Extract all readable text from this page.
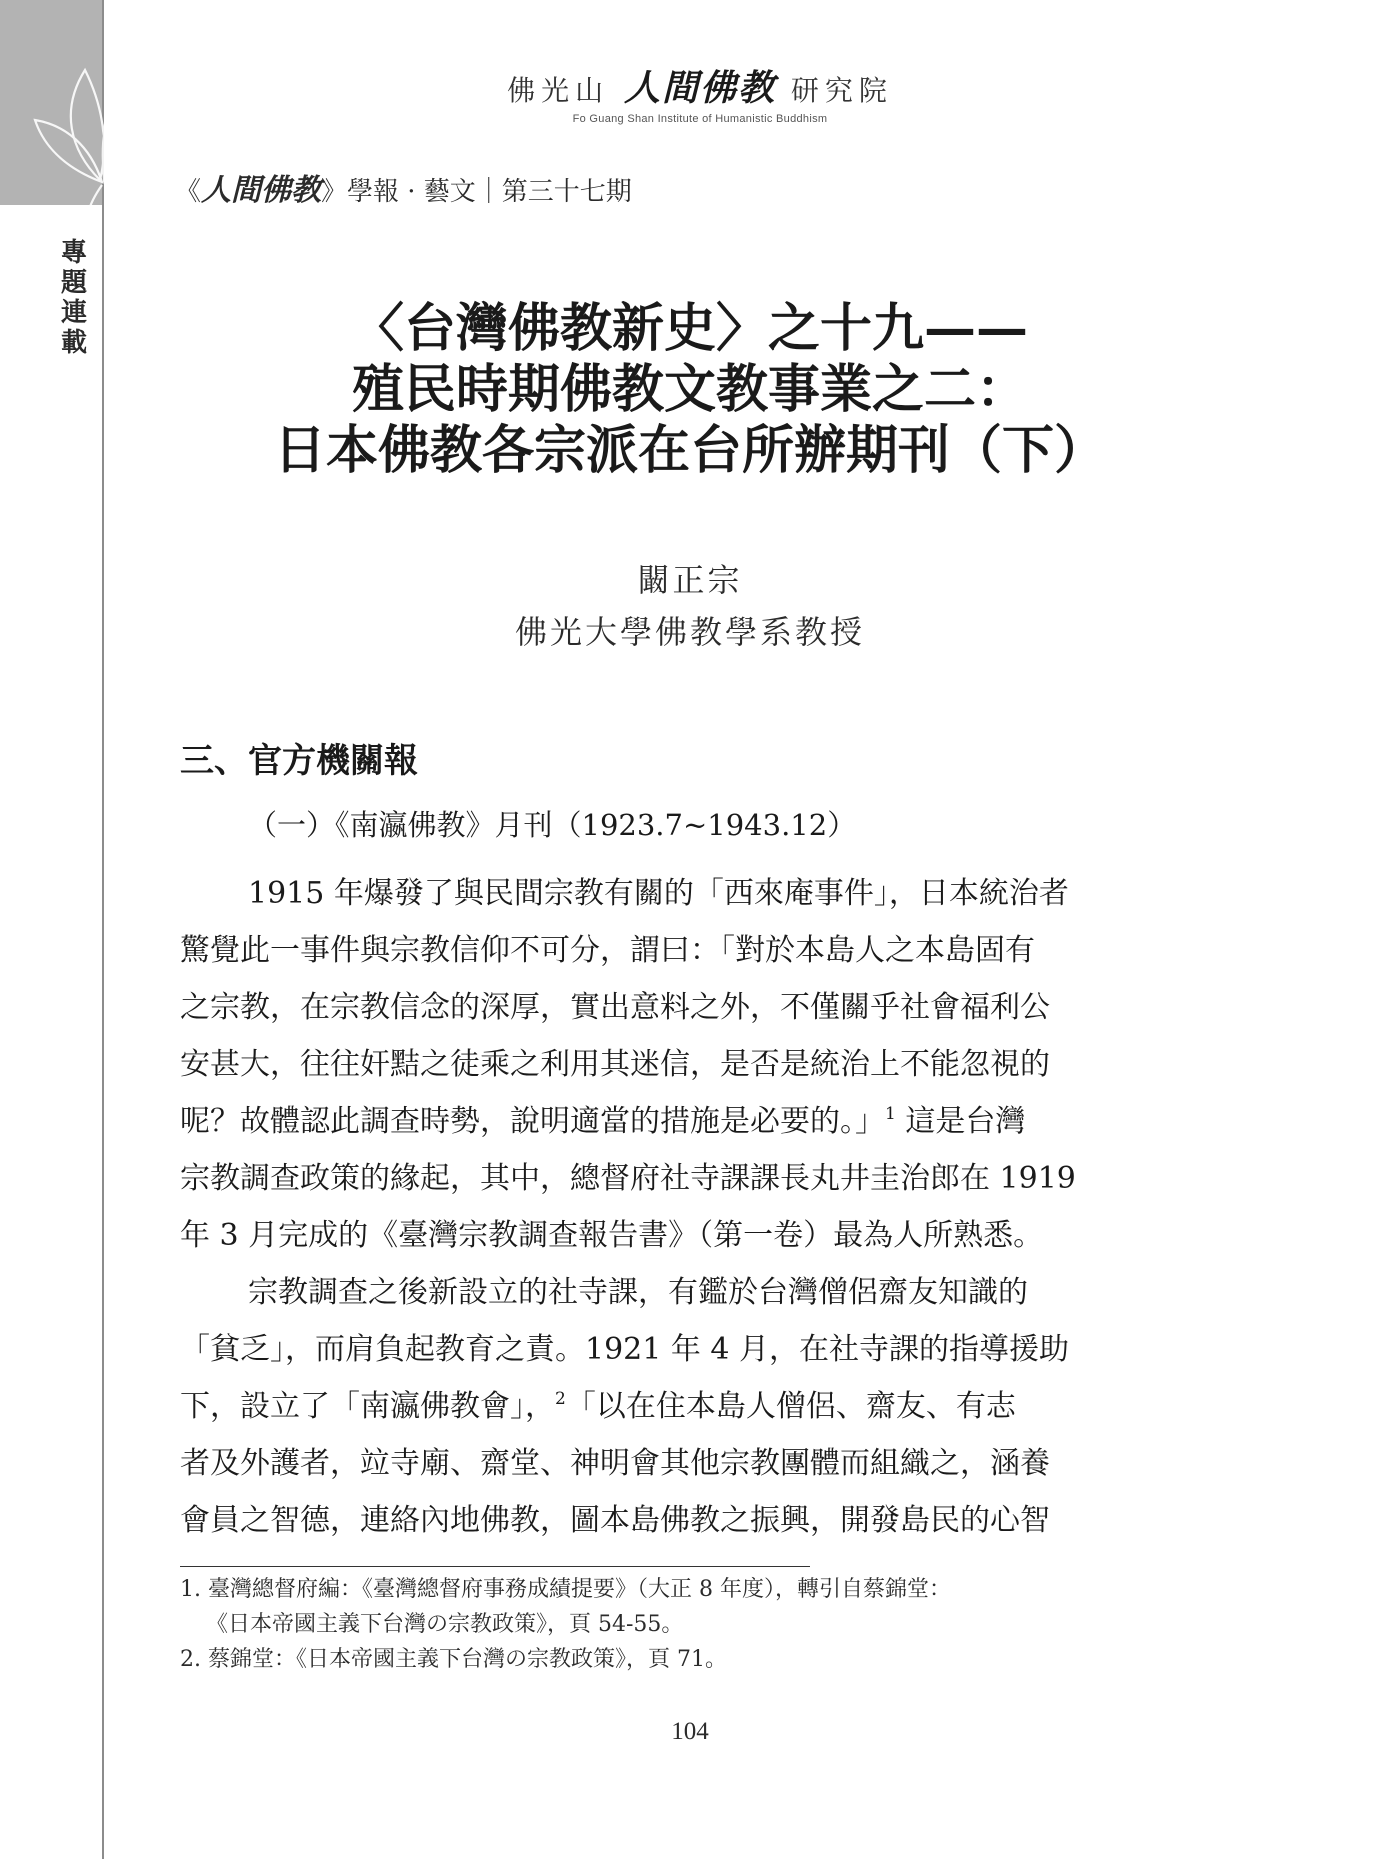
專
題
連
載
佛光山 人間佛教 研究院
Fo Guang Shan Institute of Humanistic Buddhism
《人間佛教》學報 · 藝文｜第三十七期
〈台灣佛教新史〉之十九——
殖民時期佛教文教事業之二：
日本佛教各宗派在台所辦期刊（下）
闞正宗
佛光大學佛教學系教授
三、官方機關報
（一）《南瀛佛教》月刊（1923.7~1943.12）
1915 年爆發了與民間宗教有關的「西來庵事件」，日本統治者
驚覺此一事件與宗教信仰不可分，謂曰：「對於本島人之本島固有
之宗教，在宗教信念的深厚，實出意料之外，不僅關乎社會福利公
安甚大，往往奸黠之徒乘之利用其迷信，是否是統治上不能忽視的
呢？故體認此調查時勢，說明適當的措施是必要的。」$^1$ 這是台灣
宗教調查政策的緣起，其中，總督府社寺課課長丸井圭治郎在 1919
年 3 月完成的《臺灣宗教調查報告書》（第一卷）最為人所熟悉。
宗教調查之後新設立的社寺課，有鑑於台灣僧侶齋友知識的
「貧乏」，而肩負起教育之責。1921 年 4 月，在社寺課的指導援助
下，設立了「南瀛佛教會」，$^2$「以在住本島人僧侶、齋友、有志
者及外護者，竝寺廟、齋堂、神明會其他宗教團體而組織之，涵養
會員之智德，連絡內地佛教，圖本島佛教之振興，開發島民的心智
1. 臺灣總督府編：《臺灣總督府事務成績提要》（大正 8 年度），轉引自蔡錦堂：
《日本帝國主義下台灣の宗教政策》，頁 54-55。
2. 蔡錦堂：《日本帝國主義下台灣の宗教政策》，頁 71。
104
